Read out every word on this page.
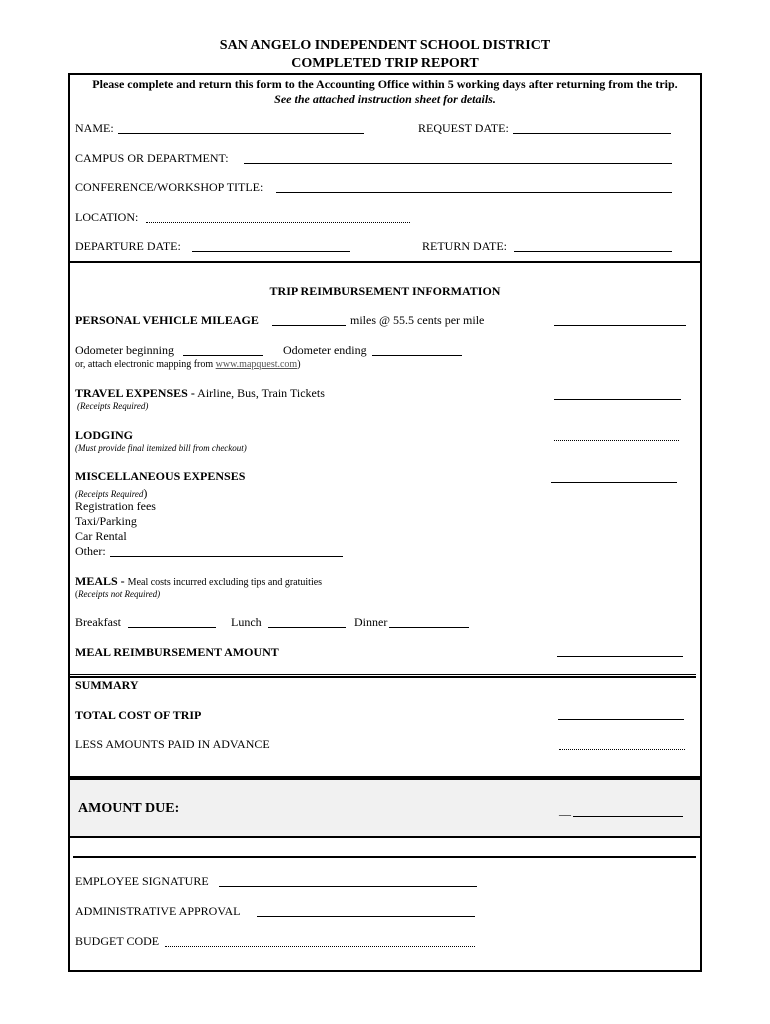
SAN ANGELO INDEPENDENT SCHOOL DISTRICT
COMPLETED TRIP REPORT
Please complete and return this form to the Accounting Office within 5 working days after returning from the trip.
See the attached instruction sheet for details.
NAME:	REQUEST DATE:
CAMPUS OR DEPARTMENT:
CONFERENCE/WORKSHOP TITLE:
LOCATION:
DEPARTURE DATE:	RETURN DATE:
TRIP REIMBURSEMENT INFORMATION
PERSONAL VEHICLE MILEAGE	miles @ 55.5 cents per mile
Odometer beginning	Odometer ending
or, attach electronic mapping from www.mapquest.com)
TRAVEL EXPENSES - Airline, Bus, Train Tickets
(Receipts Required)
LODGING
(Must provide final itemized bill from checkout)
MISCELLANEOUS EXPENSES
(Receipts Required)
Registration fees
Taxi/Parking
Car Rental
Other:
MEALS - Meal costs incurred excluding tips and gratuities
(Receipts not Required)
Breakfast	Lunch	Dinner
MEAL REIMBURSEMENT AMOUNT
SUMMARY
TOTAL COST OF TRIP
LESS AMOUNTS PAID IN ADVANCE
AMOUNT DUE:	__
EMPLOYEE SIGNATURE
ADMINISTRATIVE APPROVAL
BUDGET CODE
